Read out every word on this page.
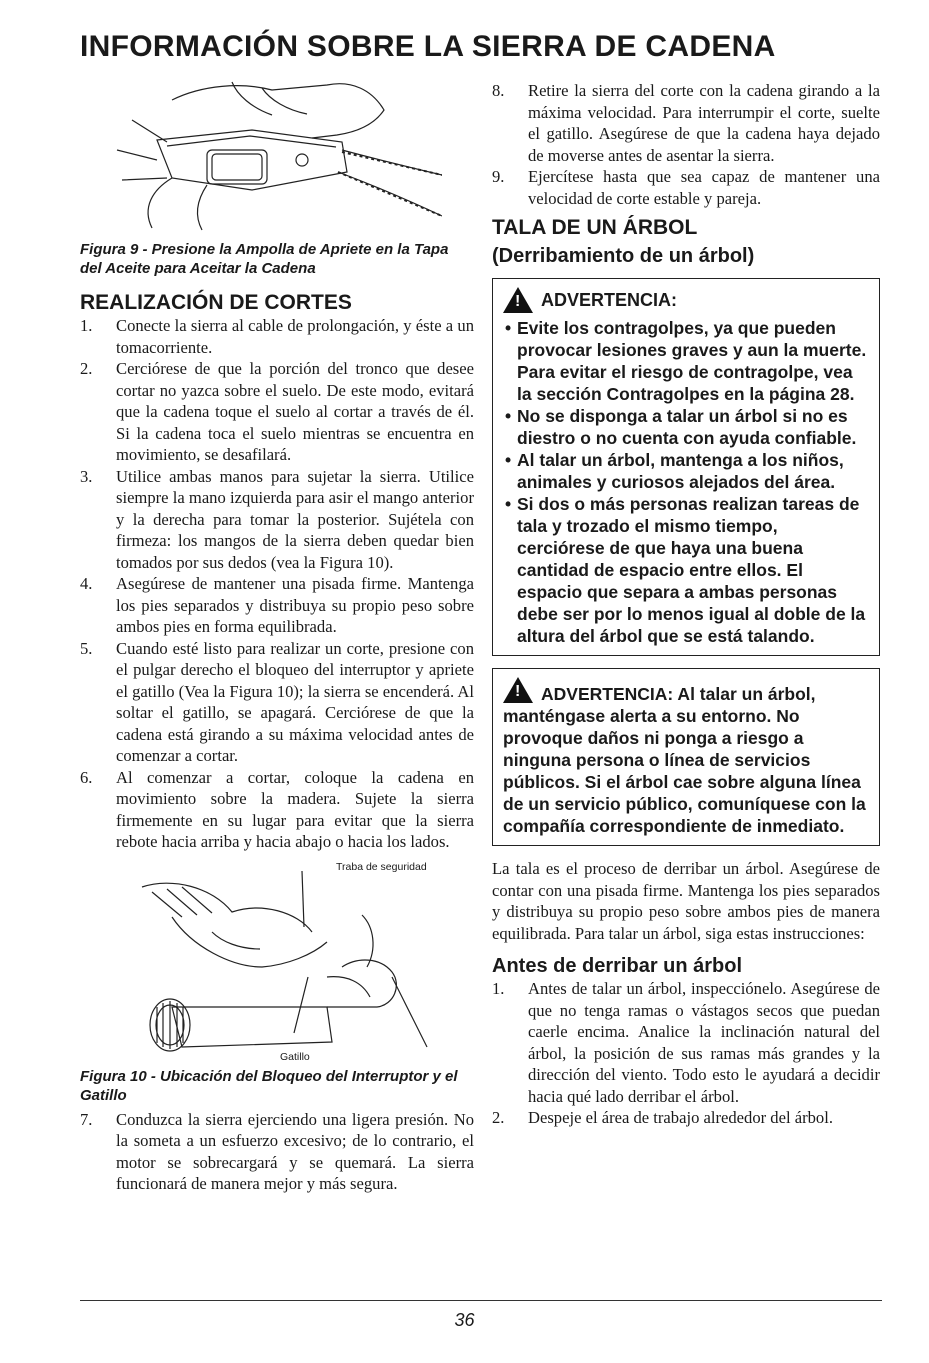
INFORMACIÓN SOBRE LA SIERRA DE CADENA

Figura 9 - Presione la Ampolla de Apriete en la Tapa del Aceite para Aceitar la Cadena

REALIZACIÓN DE CORTES
1. Conecte la sierra al cable de prolongación, y éste a un tomacorriente.
2. Cerciórese de que la porción del tronco que desee cortar no yazca sobre el suelo. De este modo, evitará que la cadena toque el suelo al cortar a través de él. Si la cadena toca el suelo mientras se encuentra en movimiento, se desafilará.
3. Utilice ambas manos para sujetar la sierra. Utilice siempre la mano izquierda para asir el mango anterior y la derecha para tomar la posterior. Sujétela con firmeza: los mangos de la sierra deben quedar bien tomados por sus dedos (vea la Figura 10).
4. Asegúrese de mantener una pisada firme. Mantenga los pies separados y distribuya su propio peso sobre ambos pies en forma equilibrada.
5. Cuando esté listo para realizar un corte, presione con el pulgar derecho el bloqueo del interruptor y apriete el gatillo (Vea la Figura 10); la sierra se encenderá. Al soltar el gatillo, se apagará. Cerciórese de que la cadena está girando a su máxima velocidad antes de comenzar a cortar.
6. Al comenzar a cortar, coloque la cadena en movimiento sobre la madera. Sujete la sierra firmemente en su lugar para evitar que la sierra rebote hacia arriba y hacia abajo o hacia los lados.
Traba de seguridad
Gatillo

Figura 10 - Ubicación del Bloqueo del Interruptor y el Gatillo

7. Conduzca la sierra ejerciendo una ligera presión. No la someta a un esfuerzo excesivo; de lo contrario, el motor se sobrecargará y se quemará. La sierra funcionará de manera mejor y más segura.
8. Retire la sierra del corte con la cadena girando a la máxima velocidad. Para interrumpir el corte, suelte el gatillo. Asegúrese de que la cadena haya dejado de moverse antes de asentar la sierra.
9. Ejercítese hasta que sea capaz de mantener una velocidad de corte estable y pareja.
TALA DE UN ÁRBOL
(Derribamiento de un árbol)
! ADVERTENCIA:

• Evite los contragolpes, ya que pueden provocar lesiones graves y aun la muerte. Para evitar el riesgo de contragolpe, vea la sección Contragolpes en la página 28.

• No se disponga a talar un árbol si no es diestro o no cuenta con ayuda confiable.

• Al talar un árbol, mantenga a los niños, animales y curiosos alejados del área.

• Si dos o más personas realizan tareas de tala y trozado el mismo tiempo, cerciórese de que haya una buena cantidad de espacio entre ellos. El espacio que separa a ambas personas debe ser por lo menos igual al doble de la altura del árbol que se está talando.

! ADVERTENCIA: Al talar un árbol, manténgase alerta a su entorno. No provoque daños ni ponga a riesgo a ninguna persona o línea de servicios públicos. Si el árbol cae sobre alguna línea de un servicio público, comuníquese con la compañía correspondiente de inmediato.

La tala es el proceso de derribar un árbol. Asegúrese de contar con una pisada firme. Mantenga los pies separados y distribuya su propio peso sobre ambos pies de manera equilibrada. Para talar un árbol, siga estas instrucciones:

Antes de derribar un árbol
1. Antes de talar un árbol, inspecciónelo. Asegúrese de que no tenga ramas o vástagos secos que puedan caerle encima. Analice la inclinación natural del árbol, la posición de sus ramas más grandes y la dirección del viento. Todo esto le ayudará a decidir hacia qué lado derribar el árbol.
2. Despeje el área de trabajo alrededor del árbol.
36
